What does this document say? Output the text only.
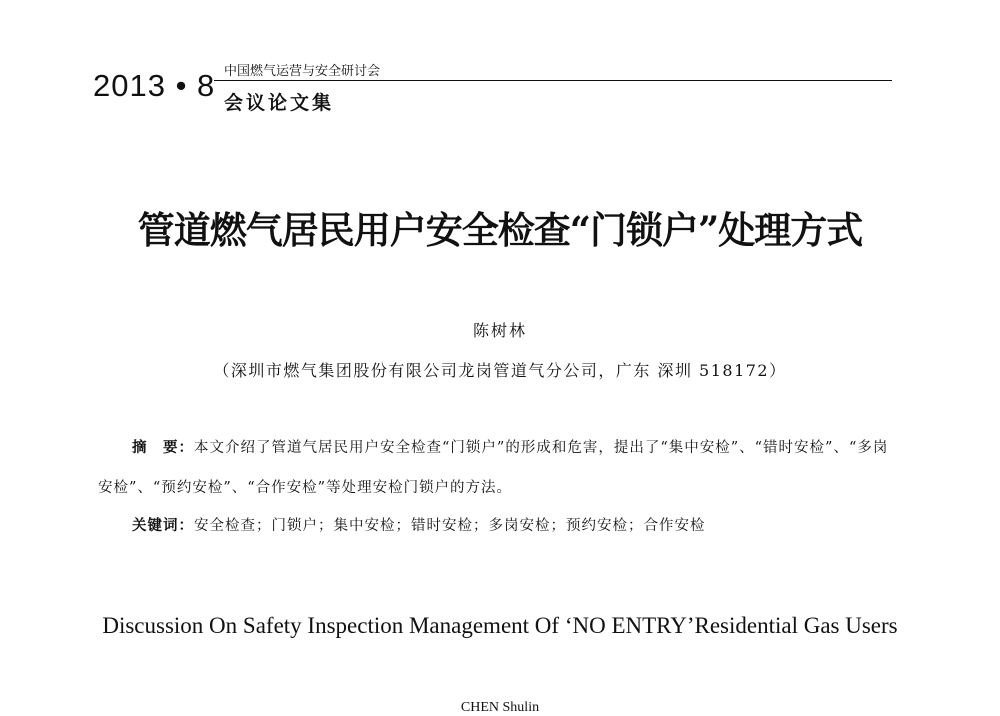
2013 • 8 中国燃气运营与安全研讨会
会议论文集
管道燃气居民用户安全检查“门锁户”处理方式
陈树林
（深圳市燃气集团股份有限公司龙岗管道气分公司，广东 深圳 518172）
摘　要：本文介绍了管道气居民用户安全检查“门锁户”的形成和危害，提出了“集中安检”、“错时安检”、“多岗安检”、“预约安检”、“合作安检”等处理安检门锁户的方法。
关键词：安全检查；门锁户；集中安检；错时安检；多岗安检；预约安检；合作安检
Discussion On Safety Inspection Management Of ‘NO ENTRY’Residential Gas Users
CHEN Shulin
